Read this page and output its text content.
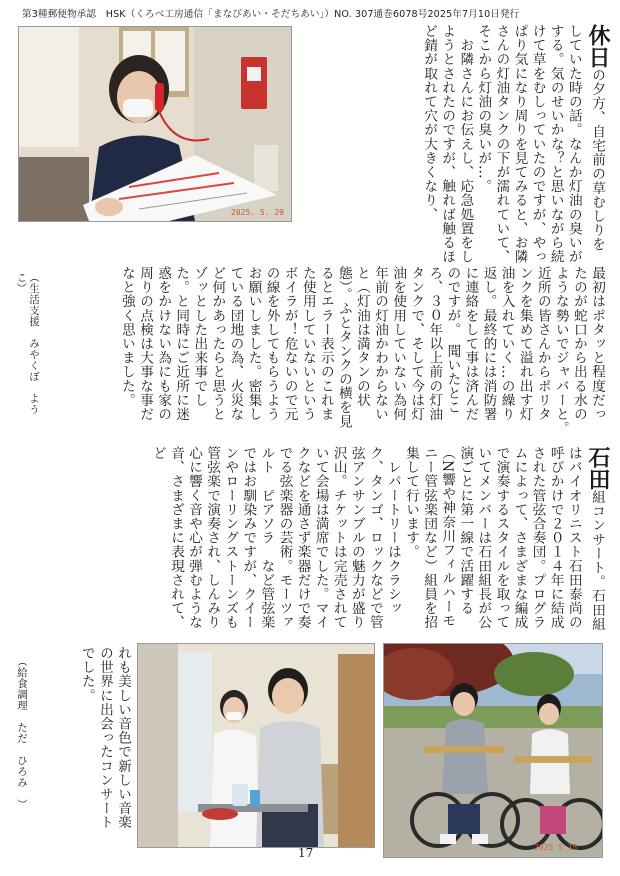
第3種郵便物承認　HSK（くろべ工房通信「まなびあい・そだちあい」）NO. 307通巻6078号2025年7月10日発行
2025. 5. 29
休日の夕方、自宅前の草むしりをしていた時の話。なんか灯油の臭いがする。気のせいかな？と思いながら続けて草をむしっていたのですが、やっぱり気になり周りを見てみると、お隣さんの灯油タンクの下が濡れていて、そこから灯油の臭いが…。
　お隣さんにお伝えし、応急処置をしようとされたのですが、触れば触るほど錆が取れて穴が大きくなり、
最初はポタッと程度だったのが蛇口から出る水のような勢いでジャバーと。　近所の皆さんからポリタンクを集めて溢れ出す灯油を入れていく…の繰り返し。最終的には消防署に連絡をして事は済んだのですが。　聞いたところ、３０年以上前の灯油タンクで、そして今は灯油を使用していない為何年前の灯油かわからないと（灯油は満タンの状態）。ふとタンクの横を見るとエラー表示のこれまた使用していないというボイラが！危ないので元の線を外してもらうようお願いしました。密集している団地の為、火災など何かあったらと思うとゾッとした出来事でした。と同時にご近所に迷惑をかけない為にも家の周りの点検は大事な事だなと強く思いました。
（生活支援　みやくぼ　ようこ）
石田組コンサート。石田組はバイオリニスト石田泰尚の呼びかけで２０１４年に結成された管弦合奏団。プログラムによって、さまざまな編成で演奏するスタイルを取っていてメンバーは石田組長が公演ごとに第一線で活躍する（N響や神奈川フィルハーモニー管弦楽団など）組員を招集して行います。
　レパートリーはクラシック、タンゴ、ロックなどで管弦アンサンブルの魅力が盛り沢山。チケットは完売されていて会場は満席でした。マイクなどを通さず楽器だけで奏でる弦楽器の芸術。モーツァルト　ピアソラ　など管弦楽ではお馴染みですが、クイーンやローリングストーンズも管弦楽で演奏され、しんみり心に響く音や心が弾むような音、さまざまに表現されて、ど
2025 5 15
れも美しい音色で新しい音楽の世界に出会ったコンサートでした。
（給食調理　ただ　ひろみ　）
17
